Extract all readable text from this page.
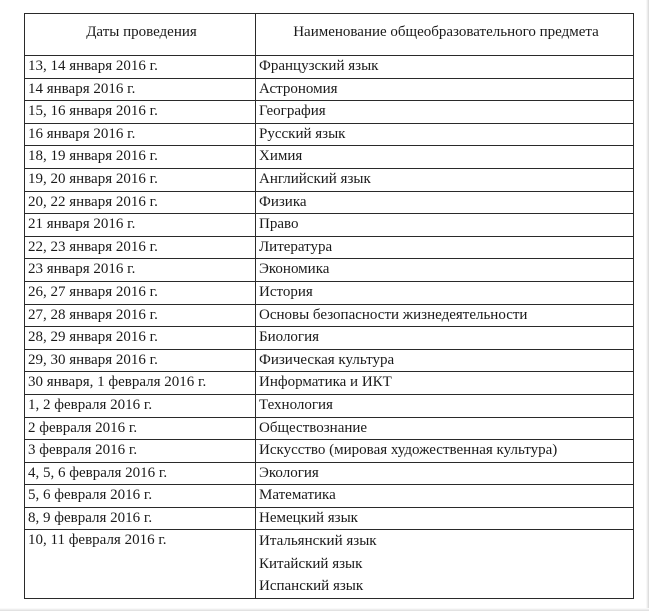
Даты проведения	Наименование общеобразовательного предмета
13, 14 января 2016 г.	Французский язык
14 января 2016 г.	Астрономия
15, 16 января 2016 г.	География
16 января 2016 г.	Русский язык
18, 19 января 2016 г.	Химия
19, 20 января 2016 г.	Английский язык
20, 22 января 2016 г.	Физика
21 января 2016 г.	Право
22, 23 января 2016 г.	Литература
23 января 2016 г.	Экономика
26, 27 января 2016 г.	История
27, 28 января 2016 г.	Основы безопасности жизнедеятельности
28, 29 января 2016 г.	Биология
29, 30 января 2016 г.	Физическая культура
30 января, 1 февраля 2016 г.	Информатика и ИКТ
1, 2 февраля 2016 г.	Технология
2 февраля 2016 г.	Обществознание
3 февраля 2016 г.	Искусство (мировая художественная культура)
4, 5, 6 февраля 2016 г.	Экология
5, 6 февраля 2016 г.	Математика
8, 9 февраля 2016 г.	Немецкий язык
10, 11 февраля 2016 г.	Итальянский язык
Китайский язык
Испанский язык
